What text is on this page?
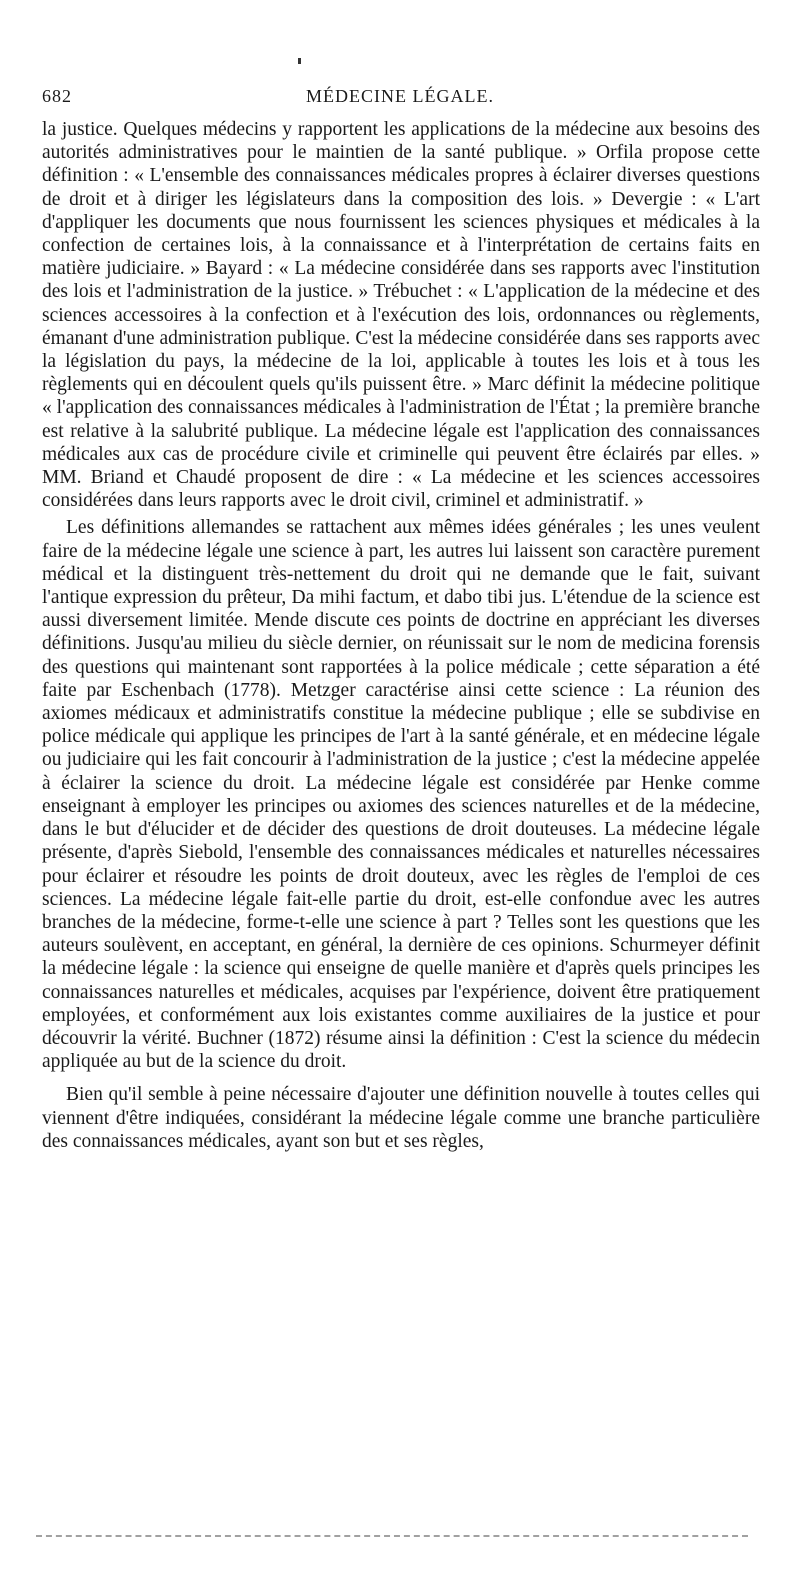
682	MÉDECINE LÉGALE.

la justice. Quelques médecins y rapportent les applications de la médecine aux besoins des autorités administratives pour le maintien de la santé publique. » Orfila propose cette définition : « L'ensemble des connaissances médicales propres à éclairer diverses questions de droit et à diriger les législateurs dans la composition des lois. » Devergie : « L'art d'appliquer les documents que nous fournissent les sciences physiques et médicales à la confection de certaines lois, à la connaissance et à l'interprétation de certains faits en matière judiciaire. » Bayard : « La médecine considérée dans ses rapports avec l'institution des lois et l'administration de la justice. » Trébuchet : « L'application de la médecine et des sciences accessoires à la confection et à l'exécution des lois, ordonnances ou règlements, émanant d'une administration publique. C'est la médecine considérée dans ses rapports avec la législation du pays, la médecine de la loi, applicable à toutes les lois et à tous les règlements qui en découlent quels qu'ils puissent être. » Marc définit la médecine politique « l'application des connaissances médicales à l'administration de l'État ; la première branche est relative à la salubrité publique. La médecine légale est l'application des connaissances médicales aux cas de procédure civile et criminelle qui peuvent être éclairés par elles. » MM. Briand et Chaudé proposent de dire : « La médecine et les sciences accessoires considérées dans leurs rapports avec le droit civil, criminel et administratif. »

Les définitions allemandes se rattachent aux mêmes idées générales ; les unes veulent faire de la médecine légale une science à part, les autres lui laissent son caractère purement médical et la distinguent très-nettement du droit qui ne demande que le fait, suivant l'antique expression du prêteur, Da mihi factum, et dabo tibi jus. L'étendue de la science est aussi diversement limitée. Mende discute ces points de doctrine en appréciant les diverses définitions. Jusqu'au milieu du siècle dernier, on réunissait sur le nom de medicina forensis des questions qui maintenant sont rapportées à la police médicale ; cette séparation a été faite par Eschenbach (1778). Metzger caractérise ainsi cette science : La réunion des axiomes médicaux et administratifs constitue la médecine publique ; elle se subdivise en police médicale qui applique les principes de l'art à la santé générale, et en médecine légale ou judiciaire qui les fait concourir à l'administration de la justice ; c'est la médecine appelée à éclairer la science du droit. La médecine légale est considérée par Henke comme enseignant à employer les principes ou axiomes des sciences naturelles et de la médecine, dans le but d'élucider et de décider des questions de droit douteuses. La médecine légale présente, d'après Siebold, l'ensemble des connaissances médicales et naturelles nécessaires pour éclairer et résoudre les points de droit douteux, avec les règles de l'emploi de ces sciences. La médecine légale fait-elle partie du droit, est-elle confondue avec les autres branches de la médecine, forme-t-elle une science à part ? Telles sont les questions que les auteurs soulèvent, en acceptant, en général, la dernière de ces opinions. Schurmeyer définit la médecine légale : la science qui enseigne de quelle manière et d'après quels principes les connaissances naturelles et médicales, acquises par l'expérience, doivent être pratiquement employées, et conformément aux lois existantes comme auxiliaires de la justice et pour découvrir la vérité. Buchner (1872) résume ainsi la définition : C'est la science du médecin appliquée au but de la science du droit.

Bien qu'il semble à peine nécessaire d'ajouter une définition nouvelle à toutes celles qui viennent d'être indiquées, considérant la médecine légale comme une branche particulière des connaissances médicales, ayant son but et ses règles,
